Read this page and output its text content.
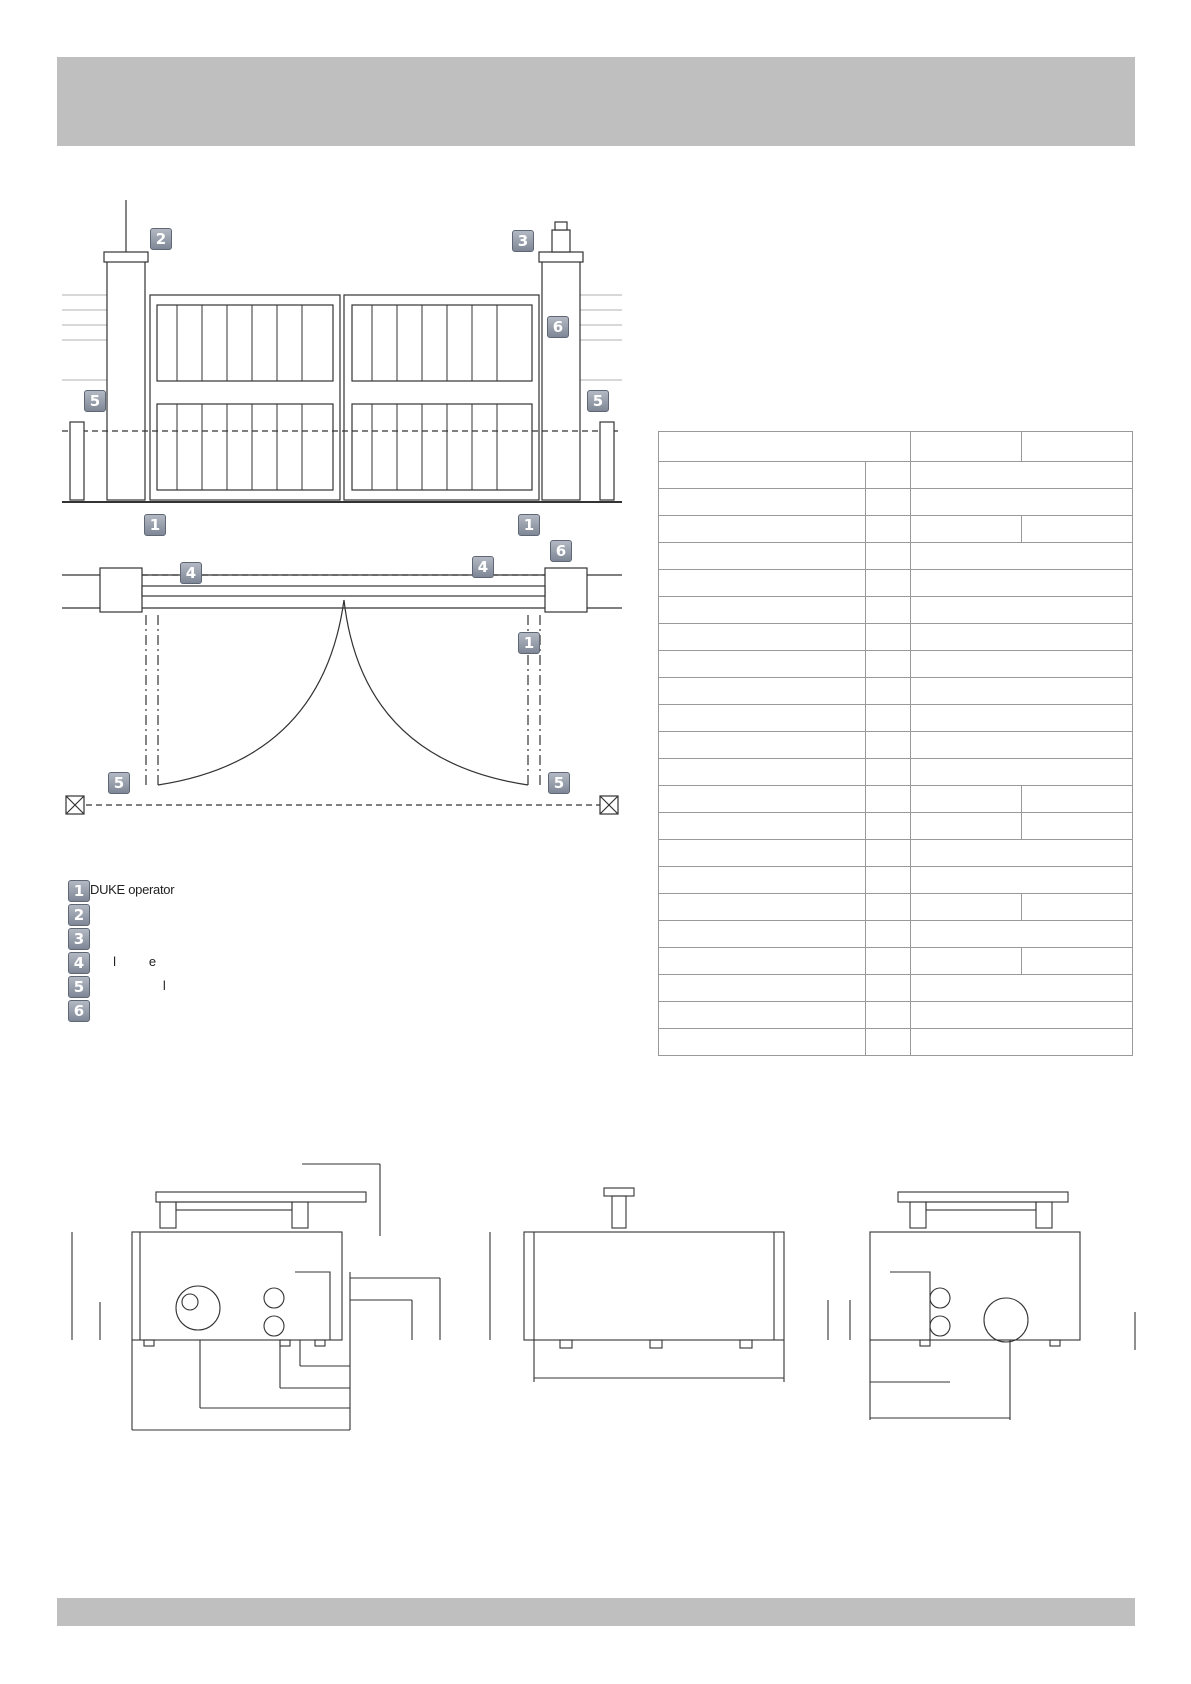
2	3
6
5	5
1	1
4	4
6
1
5	5
1 DUKE operator
2
3
4 l          e
5 l
6
